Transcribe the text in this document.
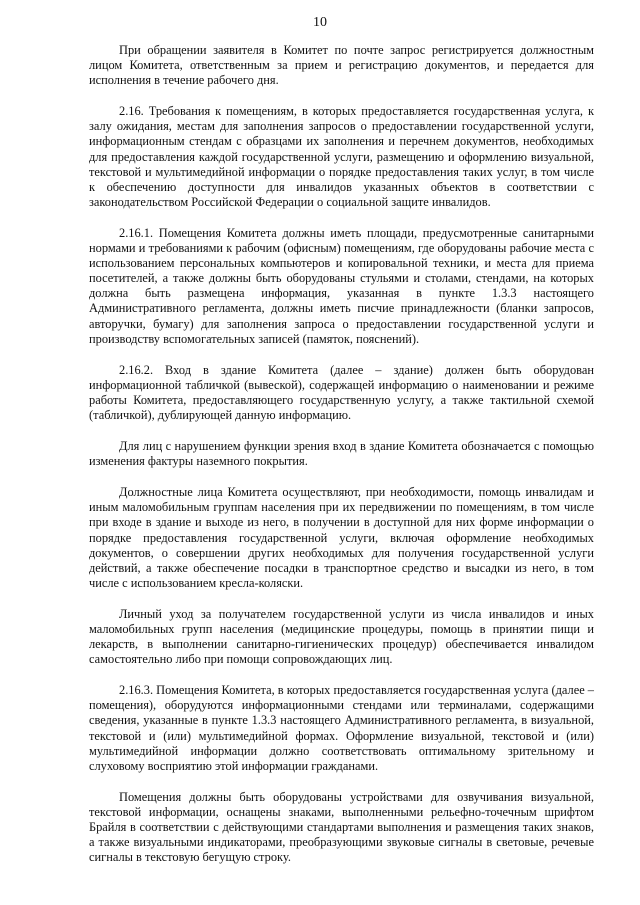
10

При обращении заявителя в Комитет по почте запрос регистрируется должностным лицом Комитета, ответственным за прием и регистрацию документов, и передается для исполнения в течение рабочего дня.

2.16. Требования к помещениям, в которых предоставляется государственная услуга, к залу ожидания, местам для заполнения запросов о предоставлении государственной услуги, информационным стендам с образцами их заполнения и перечнем документов, необходимых для предоставления каждой государственной услуги, размещению и оформлению визуальной, текстовой и мультимедийной информации о порядке предоставления таких услуг, в том числе к обеспечению доступности для инвалидов указанных объектов в соответствии с законодательством Российской Федерации о социальной защите инвалидов.

2.16.1. Помещения Комитета должны иметь площади, предусмотренные санитарными нормами и требованиями к рабочим (офисным) помещениям, где оборудованы рабочие места с использованием персональных компьютеров и копировальной техники, и места для приема посетителей, а также должны быть оборудованы стульями и столами, стендами, на которых должна быть размещена информация, указанная в пункте 1.3.3 настоящего Административного регламента, должны иметь писчие принадлежности (бланки запросов, авторучки, бумагу) для заполнения запроса о предоставлении государственной услуги и производству вспомогательных записей (памяток, пояснений).

2.16.2. Вход в здание Комитета (далее – здание) должен быть оборудован информационной табличкой (вывеской), содержащей информацию о наименовании и режиме работы Комитета, предоставляющего государственную услугу, а также тактильной схемой (табличкой), дублирующей данную информацию.

Для лиц с нарушением функции зрения вход в здание Комитета обозначается с помощью изменения фактуры наземного покрытия.

Должностные лица Комитета осуществляют, при необходимости, помощь инвалидам и иным маломобильным группам населения при их передвижении по помещениям, в том числе при входе в здание и выходе из него, в получении в доступной для них форме информации о порядке предоставления государственной услуги, включая оформление необходимых документов, о совершении других необходимых для получения государственной услуги действий, а также обеспечение посадки в транспортное средство и высадки из него, в том числе с использованием кресла-коляски.

Личный уход за получателем государственной услуги из числа инвалидов и иных маломобильных групп населения (медицинские процедуры, помощь в принятии пищи и лекарств, в выполнении санитарно-гигиенических процедур) обеспечивается инвалидом самостоятельно либо при помощи сопровождающих лиц.

2.16.3. Помещения Комитета, в которых предоставляется государственная услуга (далее – помещения), оборудуются информационными стендами или терминалами, содержащими сведения, указанные в пункте 1.3.3 настоящего Административного регламента, в визуальной, текстовой и (или) мультимедийной формах. Оформление визуальной, текстовой и (или) мультимедийной информации должно соответствовать оптимальному зрительному и слуховому восприятию этой информации гражданами.

Помещения должны быть оборудованы устройствами для озвучивания визуальной, текстовой информации, оснащены знаками, выполненными рельефно-точечным шрифтом Брайля в соответствии с действующими стандартами выполнения и размещения таких знаков, а также визуальными индикаторами, преобразующими звуковые сигналы в световые, речевые сигналы в текстовую бегущую строку.
